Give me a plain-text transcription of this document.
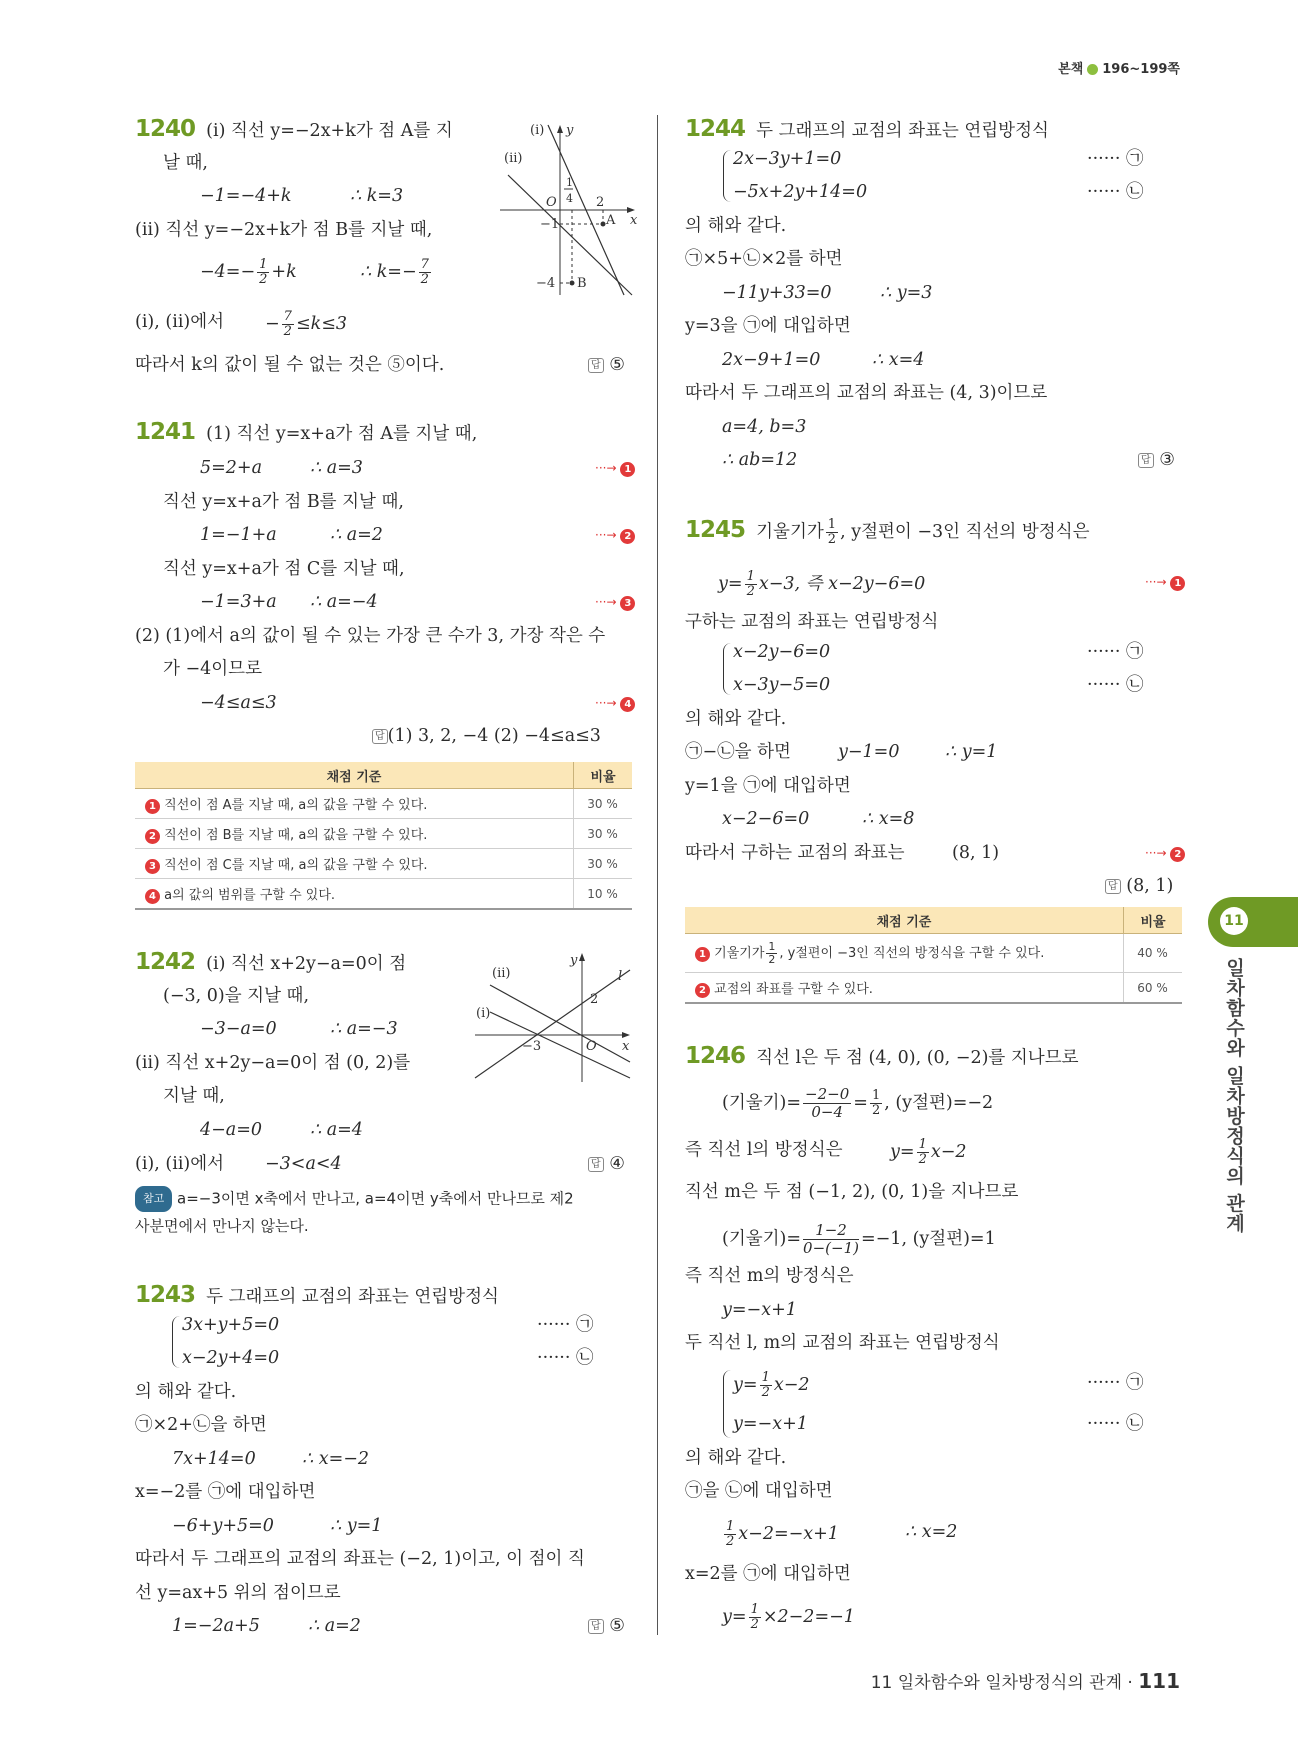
본책 196~199쪽
1240 (ⅰ) 직선 y=−2x+k가 점 A를 지
날 때,
−1=−4+k	∴ k=3
(ⅱ) 직선 y=−2x+k가 점 B를 지날 때,
$-4=- \frac{1}{2} +k$	∴ $k=- \frac{7}{2}$
(ⅰ), (ⅱ)에서 − $\frac{7}{2} \le k\le 3$
따라서 k의 값이 될 수 없는 것은 ⑤이다.	답 ⑤
(ⅰ)
(ⅱ)
y
x
O
1
4 2
−1	A
−4 B
1241 (1) 직선 y=x+a가 점 A를 지날 때,
5=2+a	∴ a=3	···→ 1
직선 y=x+a가 점 B를 지날 때,
1=−1+a	∴ a=2	···→ 2
직선 y=x+a가 점 C를 지날 때,
−1=3+a ∴ a=−4	···→ 3
(2) (1)에서 a의 값이 될 수 있는 가장 큰 수가 3, 가장 작은 수
가 −4이므로
−4≤a≤3	···→ 4
답 (1) 3, 2, −4 (2) −4≤a≤3
채점 기준	비율
1 직선이 점 A를 지날 때, a의 값을 구할 수 있다.	30 %
2 직선이 점 B를 지날 때, a의 값을 구할 수 있다.	30 %
3 직선이 점 C를 지날 때, a의 값을 구할 수 있다.	30 %
4 a의 값의 범위를 구할 수 있다.	10 %
1242 (ⅰ) 직선 x+2y−a=0이 점
(−3, 0)을 지날 때,
−3−a=0	∴ a=−3
(ⅱ) 직선 x+2y−a=0이 점 (0, 2)를
지날 때,
4−a=0	∴ a=4
(ⅰ), (ⅱ)에서 −3<a<4	답 ④
참고 a=−3이면 x축에서 만나고, a=4이면 y축에서 만나므로 제2
사분면에서 만나지 않는다.
(ⅱ)
(ⅰ)
y
l
2
−3	O x
1243 두 그래프의 교점의 좌표는 연립방정식
3x+y+5=0
x−2y+4=0
······ ㉠
······ ㉡
의 해와 같다.
㉠×2+㉡을 하면
7x+14=0	∴ x=−2
x=−2를 ㉠에 대입하면
−6+y+5=0	∴ y=1
따라서 두 그래프의 교점의 좌표는 (−2, 1)이고, 이 점이 직
선 y=ax+5 위의 점이므로
1=−2a+5	∴ a=2	답 ⑤
1244 두 그래프의 교점의 좌표는 연립방정식
2x−3y+1=0
−5x+2y+14=0
······ ㉠
······ ㉡
의 해와 같다.
㉠×5+㉡×2를 하면
−11y+33=0	∴ y=3
y=3을 ㉠에 대입하면
2x−9+1=0	∴ x=4
따라서 두 그래프의 교점의 좌표는 (4, 3)이므로
a=4, b=3
∴ ab=12	답 ③
1245 기울기가 $\frac{1}{2}$ , y절편이 −3인 직선의 방정식은
$y= \frac{1}{2} x-3$, 즉 x−2y−6=0	···→ 1
구하는 교점의 좌표는 연립방정식
x−2y−6=0
x−3y−5=0
······ ㉠
······ ㉡
의 해와 같다.
㉠−㉡을 하면	y−1=0	∴ y=1
y=1을 ㉠에 대입하면
x−2−6=0	∴ x=8
따라서 구하는 교점의 좌표는	(8, 1)	···→ 2
답 (8, 1)
채점 기준	비율
1 기울기가 $\frac{1}{2}$ , y절편이 −3인 직선의 방정식을 구할 수 있다.	40 %
2 교점의 좌표를 구할 수 있다.	60 %
1246 직선 l은 두 점 (4, 0), (0, −2)를 지나므로
(기울기)= $\frac{-2-0}{0-4} = \frac{1}{2}$ , (y절편)=−2
즉 직선 l의 방정식은	$y= \frac{1}{2} x-2$
직선 m은 두 점 (−1, 2), (0, 1)을 지나므로
(기울기)= $\frac{1-2}{0-(-1)} =-1$, (y절편)=1
즉 직선 m의 방정식은
y=−x+1
두 직선 l, m의 교점의 좌표는 연립방정식
$y= \frac{1}{2} x-2$
y=−x+1
······ ㉠
······ ㉡
의 해와 같다.
㉠을 ㉡에 대입하면
$\frac{1}{2} x-2=-x+1$	∴ x=2
x=2를 ㉠에 대입하면
$y= \frac{1}{2} \times 2-2=-1$
11
일차함수와 일차방정식의 관계
11 일차함수와 일차방정식의 관계 · 111
